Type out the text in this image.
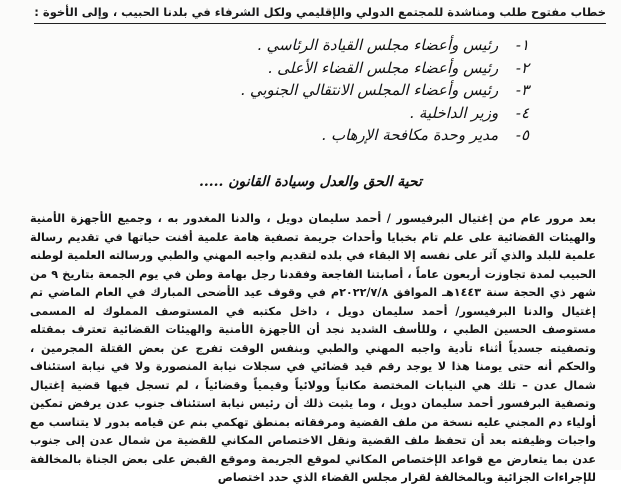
خطاب مفتوح طلب ومناشدة للمجتمع الدولي والإقليمي ولكل الشرفاء في بلدنا الحبيب ، وإلى الأخوة :
١- رئيس وأعضاء مجلس القيادة الرئاسي .
٢- رئيس وأعضاء مجلس القضاء الأعلى .
٣- رئيس وأعضاء المجلس الانتقالي الجنوبي .
٤- وزير الداخلية .
٥- مدير وحدة مكافحة الإرهاب .
تحية الحق والعدل وسيادة القانون .....

بعد مرور عام من إغتيال البرفيسور / أحمد سليمان دويل ، والدنا المغدور به ، وجميع الأجهزة الأمنية والهيئات القضائية على علم تام بخبايا وأحداث جريمة تصفية هامة علمية أفنت حياتها في تقديم رسالة علمية للبلد والذي آثر على نفسه إلا البقاء في بلده لتقديم واجبه المهني والطبي ورسالته العلمية لوطنه الحبيب لمدة تجاوزت أربعون عاماً ، أصابتنا الفاجعة وفقدنا رجل بهامة وطن في يوم الجمعة بتاريخ ٩ من شهر ذي الحجة سنة ١٤٤٣هـ الموافق ٢٠٢٢/٧/٨م في وقوف عيد الأضحى المبارك في العام الماضي تم إغتيال والدنا البرفيسور/ أحمد سليمان دويل ، داخل مكتبه في المستوصف المملوك له المسمى مستوصف الحسين الطبي ، وللأسف الشديد نجد أن الأجهزة الأمنية والهيئات القضائية تعترف بمقتله وتصفيته جسدياً أثناء تأدية واجبه المهني والطبي وبنفس الوقت تفرج عن بعض القتلة المجرمين ، والحكم أنه حتى يومنا هذا لا يوجد رقم قيد قضائي في سجلات نيابة المنصورة ولا في نيابة استئناف شمال عدن – تلك هي النيابات المختصة مكانياً وولائياً وقيمياً وقضائياً ، لم تسجل فيها قضية إغتيال وتصفية البرفسور أحمد سليمان دويل ، وما يثبت ذلك أن رئيس نيابة استئناف جنوب عدن يرفض تمكين أولياء دم المجني عليه نسخة من ملف القضية ومرفقاته بمنطق تهكمي بنم عن قيامه بدور لا يتناسب مع واجبات وظيفته بعد أن تحفظ ملف القضية ونقل الاختصاص المكاني للقضية من شمال عدن إلى جنوب عدن بما يتعارض مع قواعد الإختصاص المكاني لموقع الجريمة وموقع القبض على بعض الجناة بالمخالفة للإجراءات الجزائية وبالمخالفة لقرار مجلس القضاء الذي حدد اختصاص
